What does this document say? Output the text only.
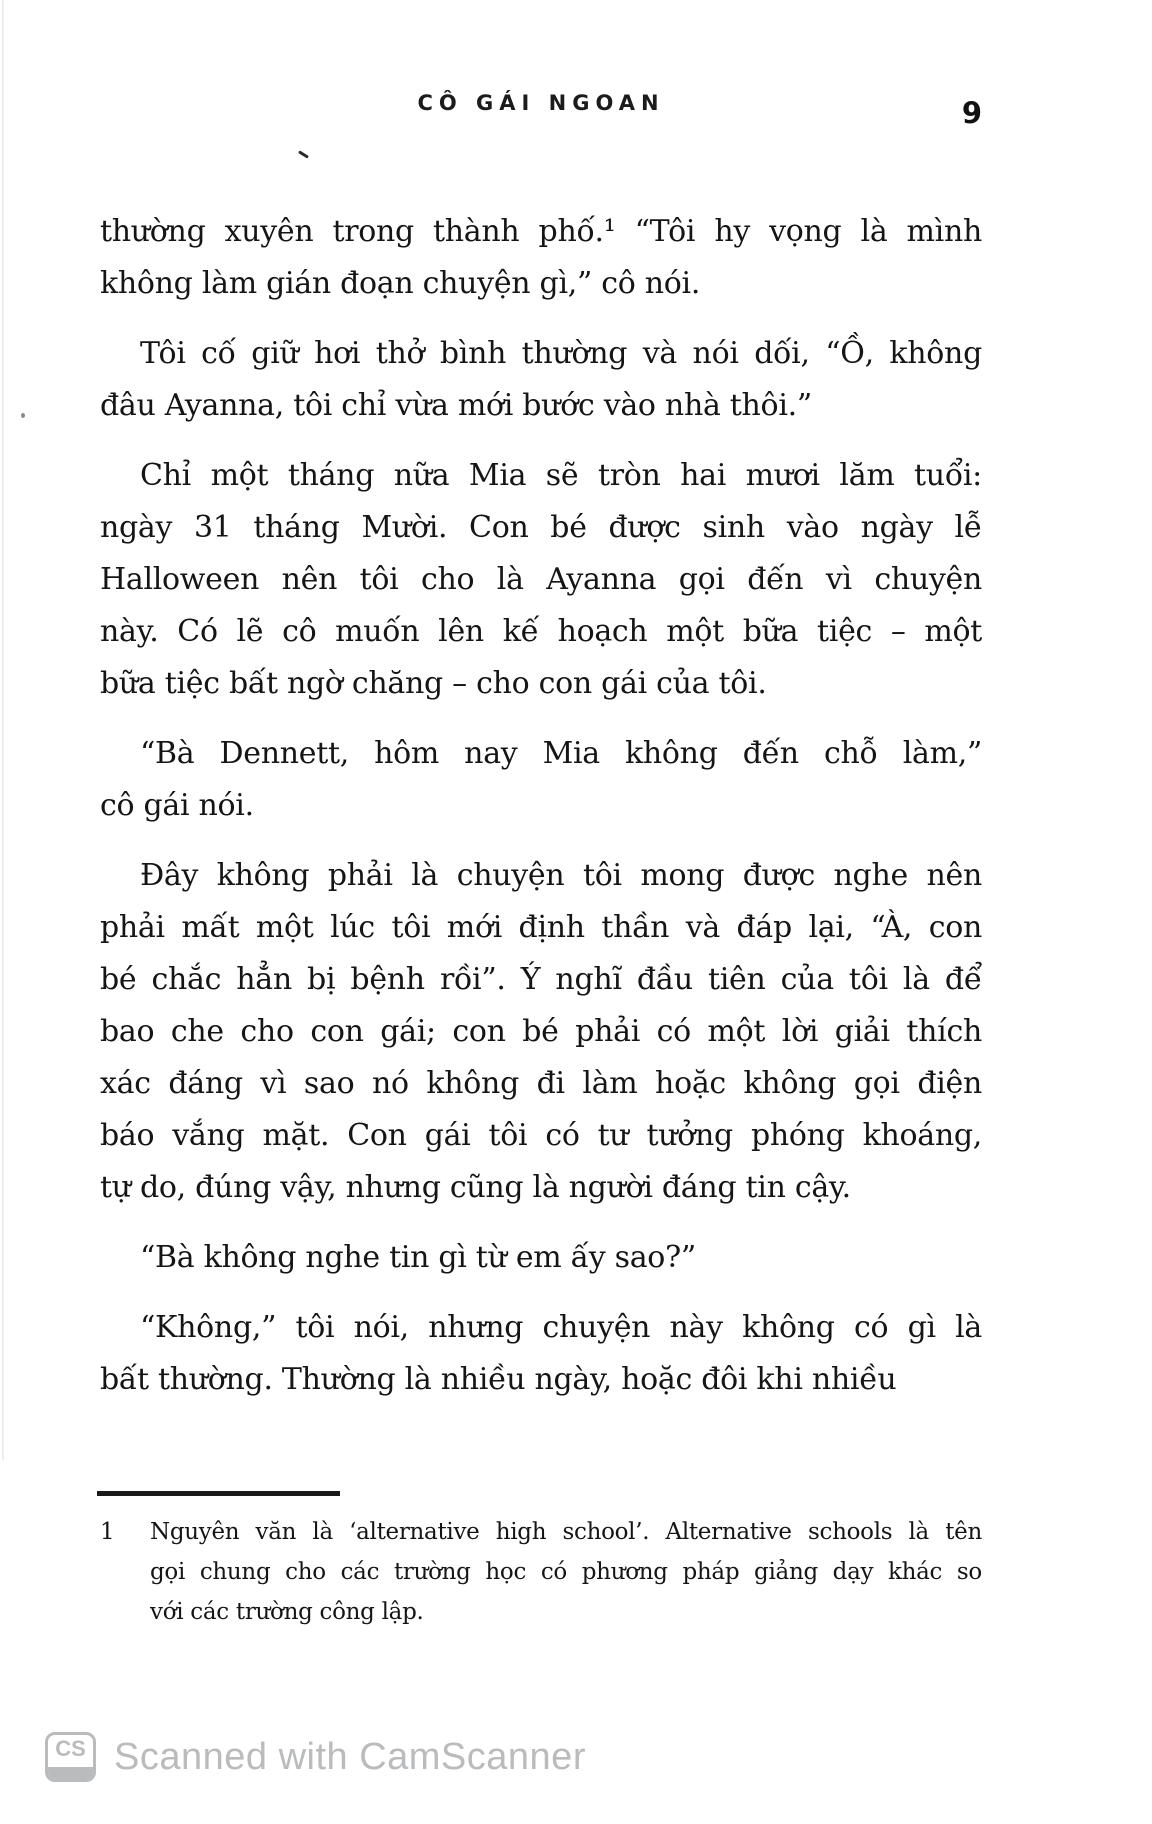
CÔ GÁI NGOAN	9
thường xuyên trong thành phố.¹ “Tôi hy vọng là mình
không làm gián đoạn chuyện gì,” cô nói.
Tôi cố giữ hơi thở bình thường và nói dối, “Ồ, không
đâu Ayanna, tôi chỉ vừa mới bước vào nhà thôi.”
Chỉ một tháng nữa Mia sẽ tròn hai mươi lăm tuổi:
ngày 31 tháng Mười. Con bé được sinh vào ngày lễ
Halloween nên tôi cho là Ayanna gọi đến vì chuyện
này. Có lẽ cô muốn lên kế hoạch một bữa tiệc – một
bữa tiệc bất ngờ chăng – cho con gái của tôi.
“Bà Dennett, hôm nay Mia không đến chỗ làm,”
cô gái nói.
Đây không phải là chuyện tôi mong được nghe nên
phải mất một lúc tôi mới định thần và đáp lại, “À, con
bé chắc hẳn bị bệnh rồi”. Ý nghĩ đầu tiên của tôi là để
bao che cho con gái; con bé phải có một lời giải thích
xác đáng vì sao nó không đi làm hoặc không gọi điện
báo vắng mặt. Con gái tôi có tư tưởng phóng khoáng,
tự do, đúng vậy, nhưng cũng là người đáng tin cậy.
“Bà không nghe tin gì từ em ấy sao?”
“Không,” tôi nói, nhưng chuyện này không có gì là
bất thường. Thường là nhiều ngày, hoặc đôi khi nhiều
1 Nguyên văn là ‘alternative high school’. Alternative schools là tên
gọi chung cho các trường học có phương pháp giảng dạy khác so
với các trường công lập.
CS Scanned with CamScanner
